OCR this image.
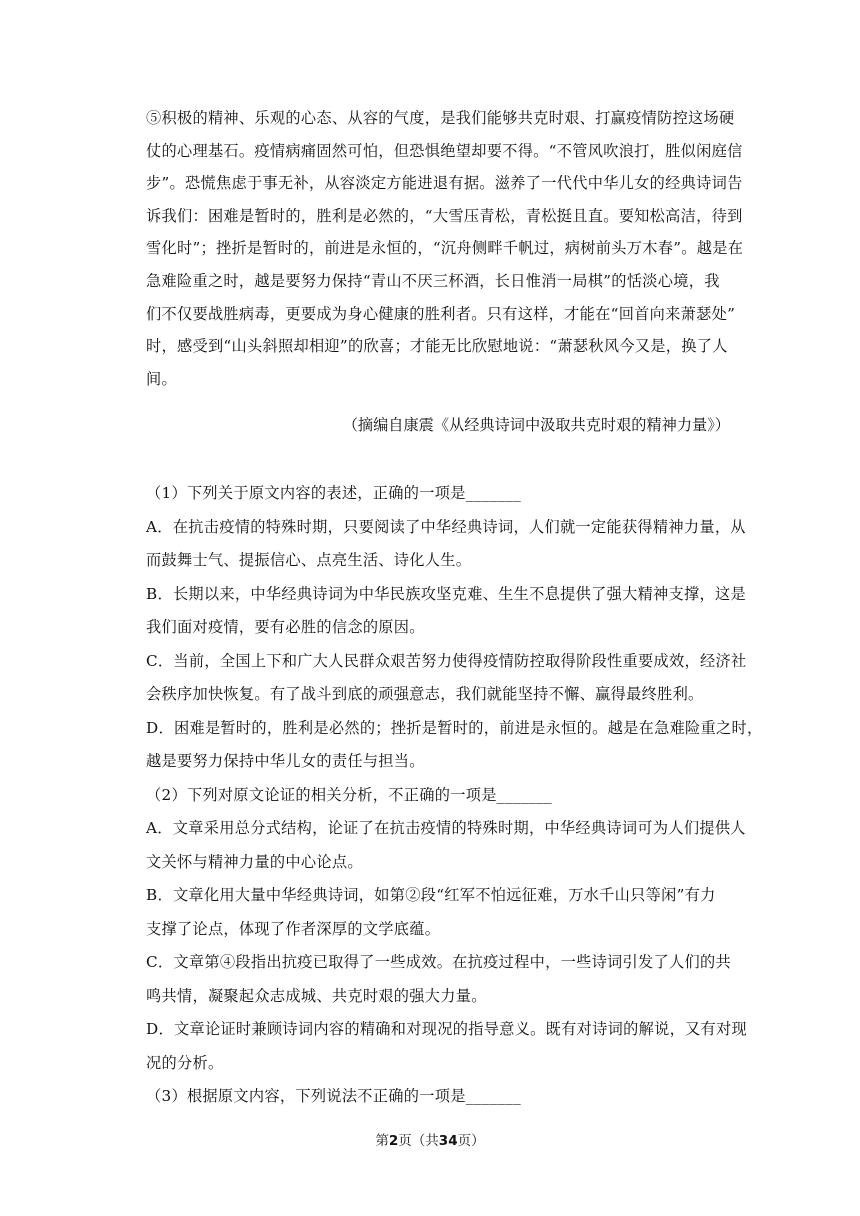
⑤积极的精神、乐观的心态、从容的气度，是我们能够共克时艰、打赢疫情防控这场硬
仗的心理基石。疫情病痛固然可怕，但恐惧绝望却要不得。“不管风吹浪打，胜似闲庭信
步”。恐慌焦虑于事无补，从容淡定方能进退有据。滋养了一代代中华儿女的经典诗词告
诉我们：困难是暂时的，胜利是必然的，“大雪压青松，青松挺且直。要知松高洁，待到
雪化时”；挫折是暂时的，前进是永恒的，“沉舟侧畔千帆过，病树前头万木春”。越是在
急难险重之时，越是要努力保持“青山不厌三杯酒，长日惟消一局棋”的恬淡心境，我
们不仅要战胜病毒，更要成为身心健康的胜利者。只有这样，才能在“回首向来萧瑟处”
时，感受到“山头斜照却相迎”的欣喜；才能无比欣慰地说：“萧瑟秋风今又是，换了人
间。
（摘编自康震《从经典诗词中汲取共克时艰的精神力量》）
（1）下列关于原文内容的表述，正确的一项是_______
A．在抗击疫情的特殊时期，只要阅读了中华经典诗词，人们就一定能获得精神力量，从
而鼓舞士气、提振信心、点亮生活、诗化人生。
B．长期以来，中华经典诗词为中华民族攻坚克难、生生不息提供了强大精神支撑，这是
我们面对疫情，要有必胜的信念的原因。
C．当前，全国上下和广大人民群众艰苦努力使得疫情防控取得阶段性重要成效，经济社
会秩序加快恢复。有了战斗到底的顽强意志，我们就能坚持不懈、赢得最终胜利。
D．困难是暂时的，胜利是必然的；挫折是暂时的，前进是永恒的。越是在急难险重之时，
越是要努力保持中华儿女的责任与担当。
（2）下列对原文论证的相关分析，不正确的一项是_______
A．文章采用总分式结构，论证了在抗击疫情的特殊时期，中华经典诗词可为人们提供人
文关怀与精神力量的中心论点。
B．文章化用大量中华经典诗词，如第②段“红军不怕远征难，万水千山只等闲”有力
支撑了论点，体现了作者深厚的文学底蕴。
C．文章第④段指出抗疫已取得了一些成效。在抗疫过程中，一些诗词引发了人们的共
鸣共情，凝聚起众志成城、共克时艰的强大力量。
D．文章论证时兼顾诗词内容的精确和对现况的指导意义。既有对诗词的解说，又有对现
况的分析。
（3）根据原文内容，下列说法不正确的一项是_______
第2页（共34页）
